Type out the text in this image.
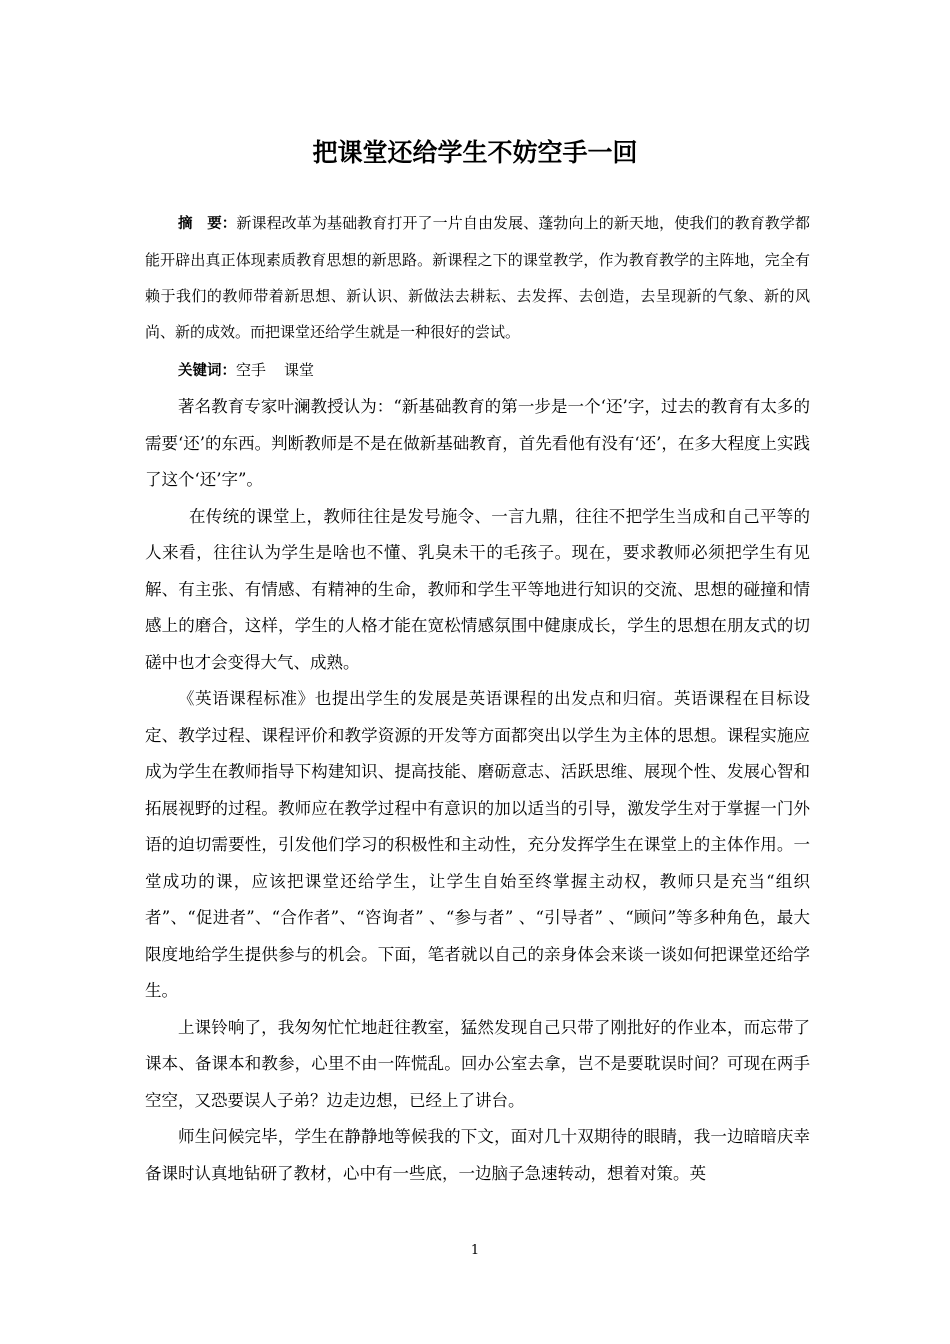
把课堂还给学生不妨空手一回

摘　要：新课程改革为基础教育打开了一片自由发展、蓬勃向上的新天地，使我们的教育教学都能开辟出真正体现素质教育思想的新思路。新课程之下的课堂教学，作为教育教学的主阵地，完全有赖于我们的教师带着新思想、新认识、新做法去耕耘、去发挥、去创造，去呈现新的气象、新的风尚、新的成效。而把课堂还给学生就是一种很好的尝试。

关键词：空手 课堂

著名教育专家叶澜教授认为：“新基础教育的第一步是一个‘还’字，过去的教育有太多的需要‘还’的东西。判断教师是不是在做新基础教育，首先看他有没有‘还’，在多大程度上实践了这个‘还’字”。

在传统的课堂上，教师往往是发号施令、一言九鼎，往往不把学生当成和自己平等的人来看，往往认为学生是啥也不懂、乳臭未干的毛孩子。现在，要求教师必须把学生有见解、有主张、有情感、有精神的生命，教师和学生平等地进行知识的交流、思想的碰撞和情感上的磨合，这样，学生的人格才能在宽松情感氛围中健康成长，学生的思想在朋友式的切磋中也才会变得大气、成熟。

《英语课程标准》也提出学生的发展是英语课程的出发点和归宿。英语课程在目标设定、教学过程、课程评价和教学资源的开发等方面都突出以学生为主体的思想。课程实施应成为学生在教师指导下构建知识、提高技能、磨砺意志、活跃思维、展现个性、发展心智和拓展视野的过程。教师应在教学过程中有意识的加以适当的引导，激发学生对于掌握一门外语的迫切需要性，引发他们学习的积极性和主动性，充分发挥学生在课堂上的主体作用。一堂成功的课，应该把课堂还给学生，让学生自始至终掌握主动权，教师只是充当“组织者”、“促进者”、“合作者”、“咨询者” 、“参与者” 、“引导者” 、“顾问”等多种角色，最大限度地给学生提供参与的机会。下面，笔者就以自己的亲身体会来谈一谈如何把课堂还给学生。

上课铃响了，我匆匆忙忙地赶往教室，猛然发现自己只带了刚批好的作业本，而忘带了课本、备课本和教参，心里不由一阵慌乱。回办公室去拿，岂不是要耽误时间？可现在两手空空，又恐要误人子弟？边走边想，已经上了讲台。

师生问候完毕，学生在静静地等候我的下文，面对几十双期待的眼睛，我一边暗暗庆幸备课时认真地钻研了教材，心中有一些底，一边脑子急速转动，想着对策。英

1
